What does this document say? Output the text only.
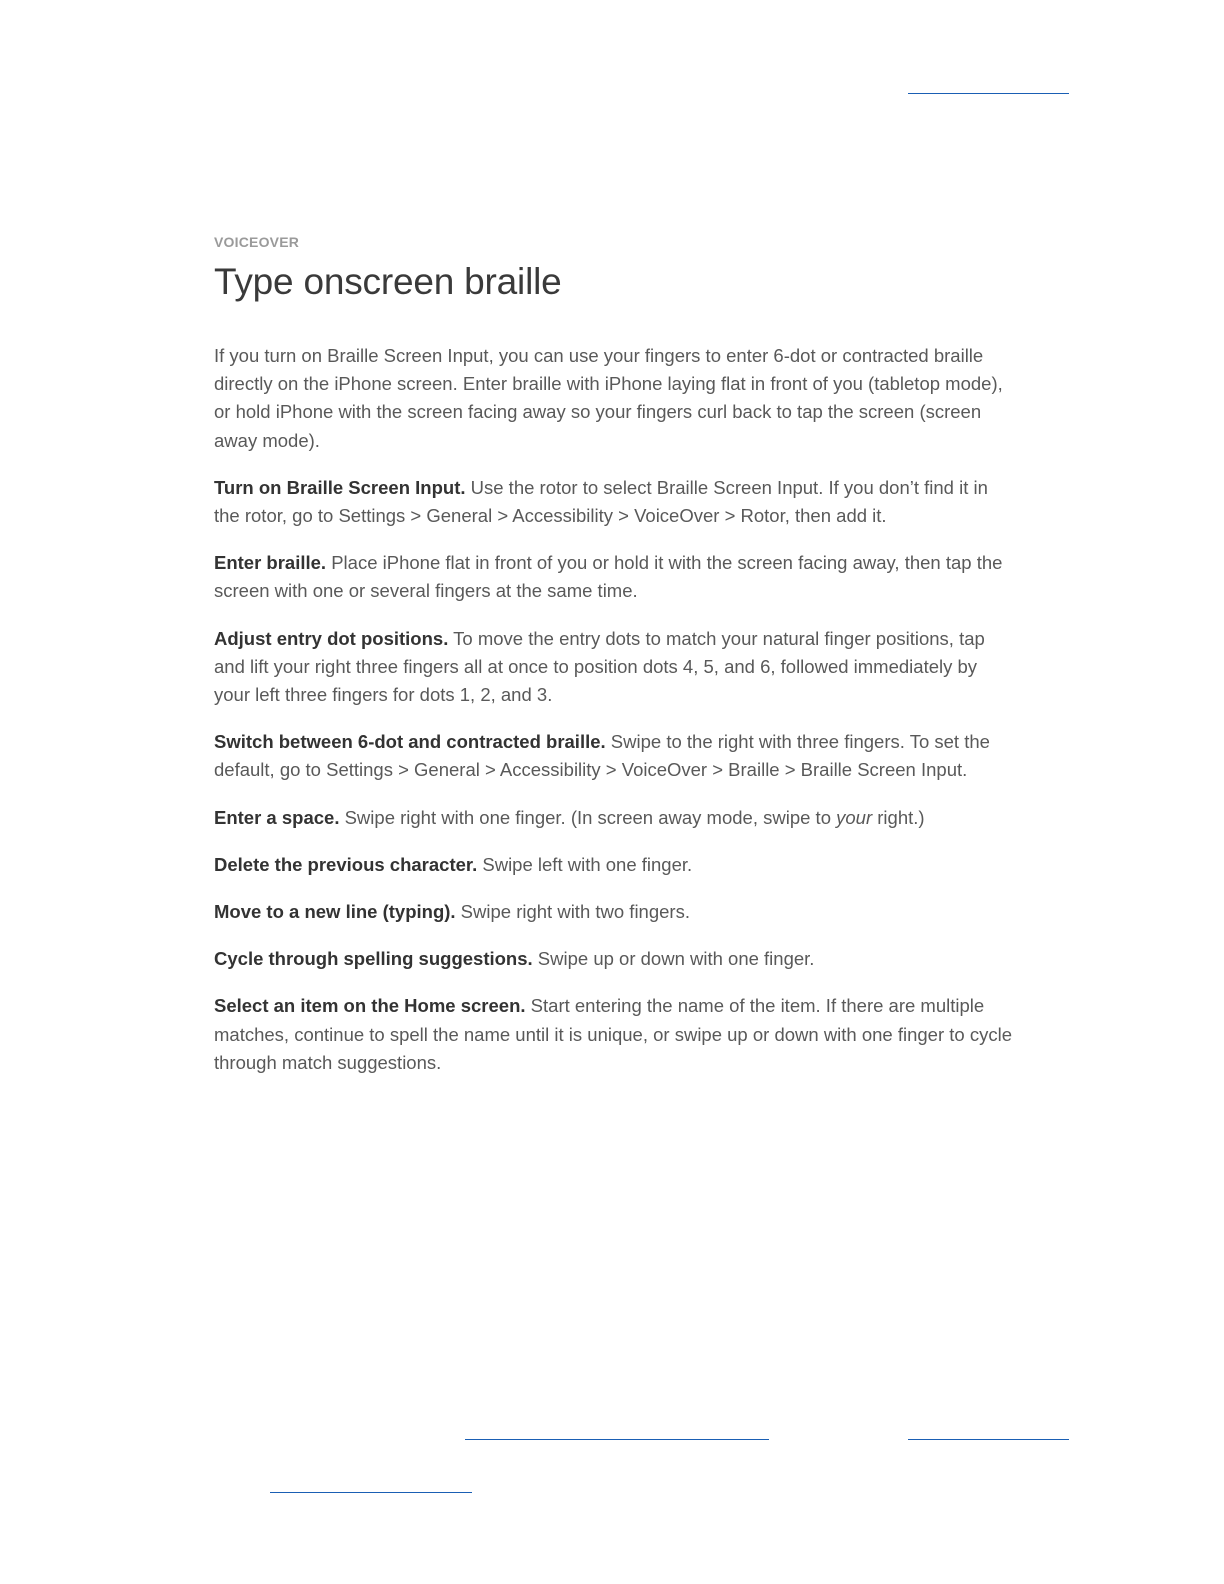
VOICEOVER

Type onscreen braille

If you turn on Braille Screen Input, you can use your fingers to enter 6-dot or contracted braille directly on the iPhone screen. Enter braille with iPhone laying flat in front of you (tabletop mode), or hold iPhone with the screen facing away so your fingers curl back to tap the screen (screen away mode).

Turn on Braille Screen Input. Use the rotor to select Braille Screen Input. If you don’t find it in the rotor, go to Settings > General > Accessibility > VoiceOver > Rotor, then add it.

Enter braille. Place iPhone flat in front of you or hold it with the screen facing away, then tap the screen with one or several fingers at the same time.

Adjust entry dot positions. To move the entry dots to match your natural finger positions, tap and lift your right three fingers all at once to position dots 4, 5, and 6, followed immediately by your left three fingers for dots 1, 2, and 3.

Switch between 6-dot and contracted braille. Swipe to the right with three fingers. To set the default, go to Settings > General > Accessibility > VoiceOver > Braille > Braille Screen Input.

Enter a space. Swipe right with one finger. (In screen away mode, swipe to your right.)

Delete the previous character. Swipe left with one finger.

Move to a new line (typing). Swipe right with two fingers.

Cycle through spelling suggestions. Swipe up or down with one finger.

Select an item on the Home screen. Start entering the name of the item. If there are multiple matches, continue to spell the name until it is unique, or swipe up or down with one finger to cycle through match suggestions.
